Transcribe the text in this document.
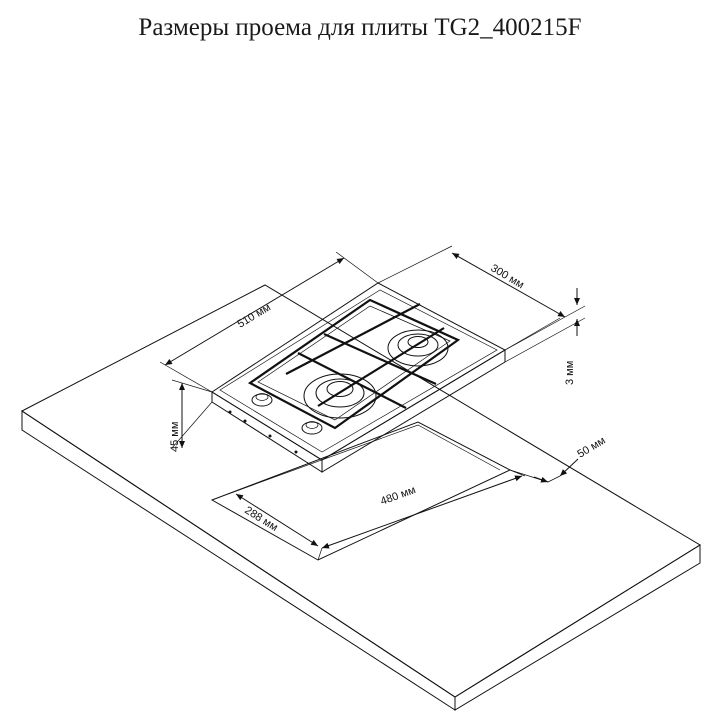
Размеры проема для плиты TG2_400215F
510 мм
300 мм
3 мм
45 мм	50 мм
480 мм
288 мм
